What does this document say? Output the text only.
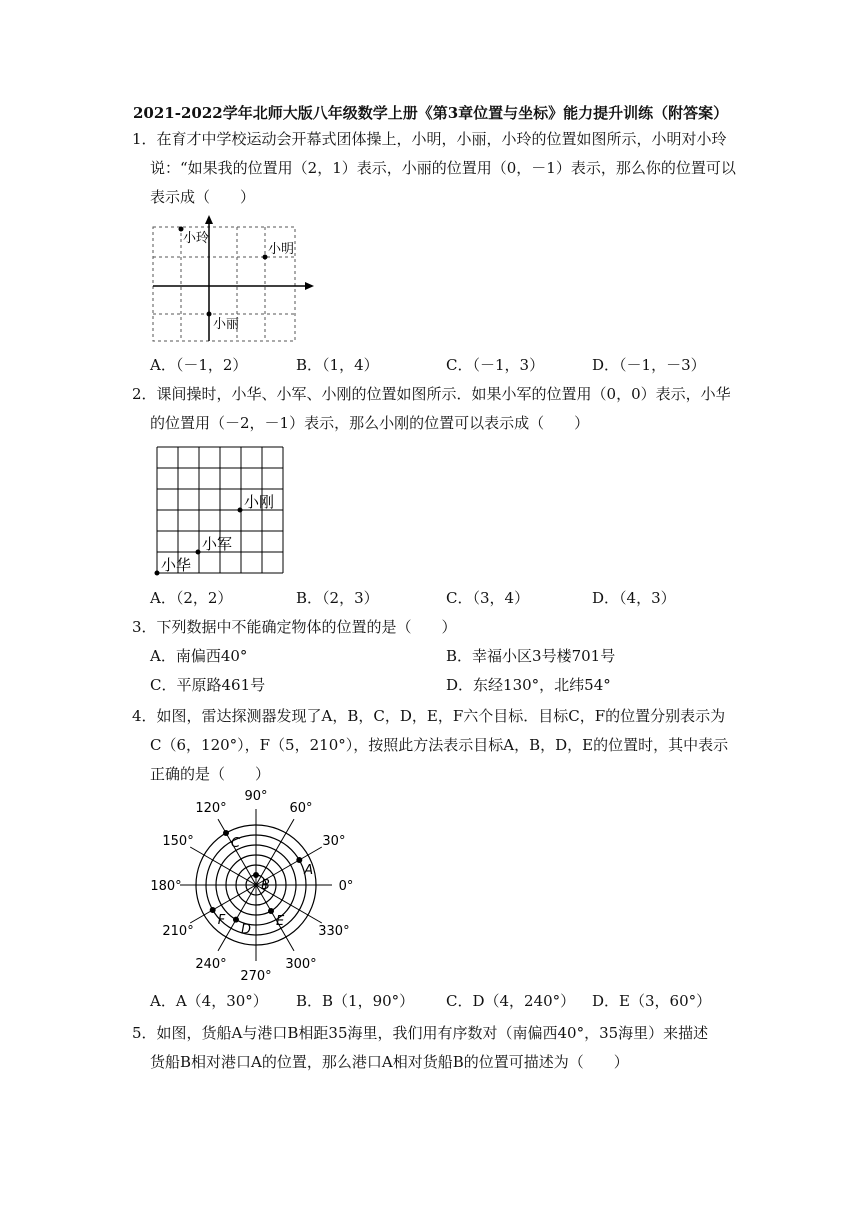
2021-2022学年北师大版八年级数学上册《第3章位置与坐标》能力提升训练（附答案）
1．在育才中学校运动会开幕式团体操上，小明，小丽，小玲的位置如图所示，小明对小玲
说：“如果我的位置用（2，1）表示，小丽的位置用（0，－1）表示，那么你的位置可以
表示成（　　）
小玲
小明
小丽
A．（－1，2）	B．（1，4）	C．（－1，3）	D．（－1，－3）
2．课间操时，小华、小军、小刚的位置如图所示．如果小军的位置用（0，0）表示，小华
的位置用（－2，－1）表示，那么小刚的位置可以表示成（　　）
小刚
小军
小华
A．（2，2）	B．（2，3）	C．（3，4）	D．（4，3）
3．下列数据中不能确定物体的位置的是（　　）
A．南偏西40°	B．幸福小区3号楼701号
C．平原路461号	D．东经130°，北纬54°
4．如图，雷达探测器发现了A，B，C，D，E，F六个目标．目标C，F的位置分别表示为
C（6，120°），F（5，210°），按照此方法表示目标A，B，D，E的位置时，其中表示
正确的是（　　）
0°
30°
60°
90°
120°
150°
180°
210°
240°
270°
300°
330°
A
B
C
D
E
F
A．A（4，30°） B．B（1，90°） C．D（4，240°） D．E（3，60°）
5．如图，货船A与港口B相距35海里，我们用有序数对（南偏西40°，35海里）来描述
货船B相对港口A的位置，那么港口A相对货船B的位置可描述为（　　）
